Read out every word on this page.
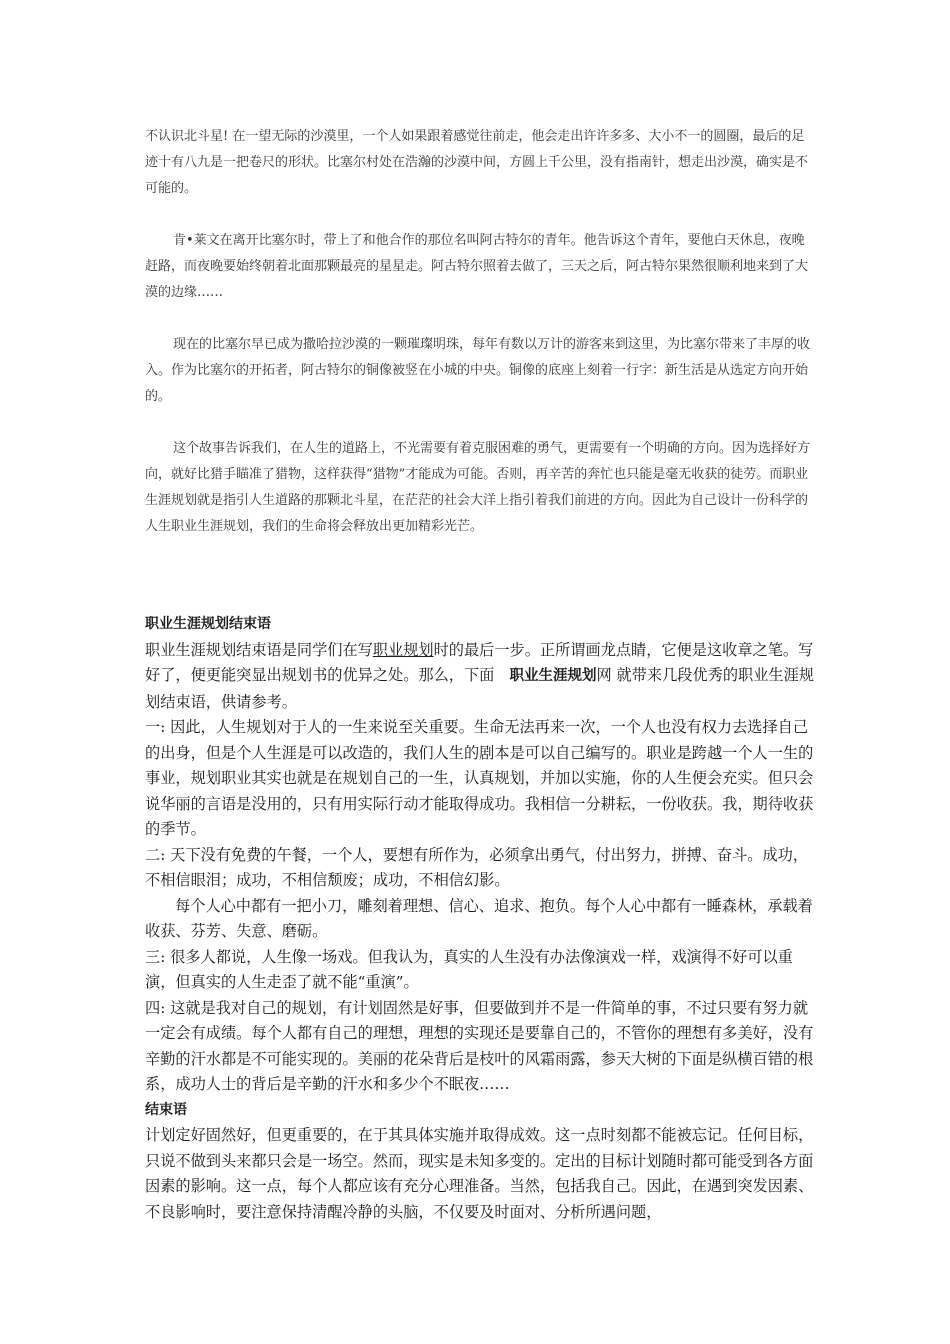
不认识北斗星! 在一望无际的沙漠里，一个人如果跟着感觉往前走，他会走出许许多多、大小不一的圆圈，最后的足迹十有八九是一把卷尺的形状。比塞尔村处在浩瀚的沙漠中间，方圆上千公里，没有指南针，想走出沙漠，确实是不可能的。

肯•莱文在离开比塞尔时，带上了和他合作的那位名叫阿古特尔的青年。他告诉这个青年，要他白天休息，夜晚赶路，而夜晚要始终朝着北面那颗最亮的星星走。阿古特尔照着去做了，三天之后，阿古特尔果然很顺利地来到了大漠的边缘……

现在的比塞尔早已成为撒哈拉沙漠的一颗璀璨明珠，每年有数以万计的游客来到这里，为比塞尔带来了丰厚的收入。作为比塞尔的开拓者，阿古特尔的铜像被竖在小城的中央。铜像的底座上刻着一行字：新生活是从选定方向开始的。

这个故事告诉我们，在人生的道路上，不光需要有着克服困难的勇气，更需要有一个明确的方向。因为选择好方向，就好比猎手瞄准了猎物，这样获得“猎物”才能成为可能。否则，再辛苦的奔忙也只能是毫无收获的徒劳。而职业生涯规划就是指引人生道路的那颗北斗星，在茫茫的社会大洋上指引着我们前进的方向。因此为自己设计一份科学的人生职业生涯规划，我们的生命将会释放出更加精彩光芒。

职业生涯规划结束语

职业生涯规划结束语是同学们在写职业规划时的最后一步。正所谓画龙点睛，它便是这收章之笔。写好了，便更能突显出规划书的优异之处。那么，下面　职业生涯规划网 就带来几段优秀的职业生涯规划结束语，供请参考。

一: 因此，人生规划对于人的一生来说至关重要。生命无法再来一次，一个人也没有权力去选择自己的出身，但是个人生涯是可以改造的，我们人生的剧本是可以自己编写的。职业是跨越一个人一生的事业，规划职业其实也就是在规划自己的一生，认真规划，并加以实施，你的人生便会充实。但只会说华丽的言语是没用的，只有用实际行动才能取得成功。我相信一分耕耘，一份收获。我，期待收获的季节。

二: 天下没有免费的午餐，一个人，要想有所作为，必须拿出勇气，付出努力，拼搏、奋斗。成功，不相信眼泪；成功，不相信颓废；成功，不相信幻影。

每个人心中都有一把小刀，雕刻着理想、信心、追求、抱负。每个人心中都有一睡森林，承载着收获、芬芳、失意、磨砺。

三: 很多人都说，人生像一场戏。但我认为，真实的人生没有办法像演戏一样，戏演得不好可以重演，但真实的人生走歪了就不能“重演”。

四: 这就是我对自己的规划，有计划固然是好事，但要做到并不是一件简单的事，不过只要有努力就一定会有成绩。每个人都有自己的理想，理想的实现还是要靠自己的，不管你的理想有多美好，没有辛勤的汗水都是不可能实现的。美丽的花朵背后是枝叶的风霜雨露，参天大树的下面是纵横百错的根系，成功人士的背后是辛勤的汗水和多少个不眠夜……

结束语

计划定好固然好，但更重要的，在于其具体实施并取得成效。这一点时刻都不能被忘记。任何目标，只说不做到头来都只会是一场空。然而，现实是未知多变的。定出的目标计划随时都可能受到各方面因素的影响。这一点，每个人都应该有充分心理准备。当然，包括我自己。因此，在遇到突发因素、不良影响时，要注意保持清醒冷静的头脑，不仅要及时面对、分析所遇问题，
